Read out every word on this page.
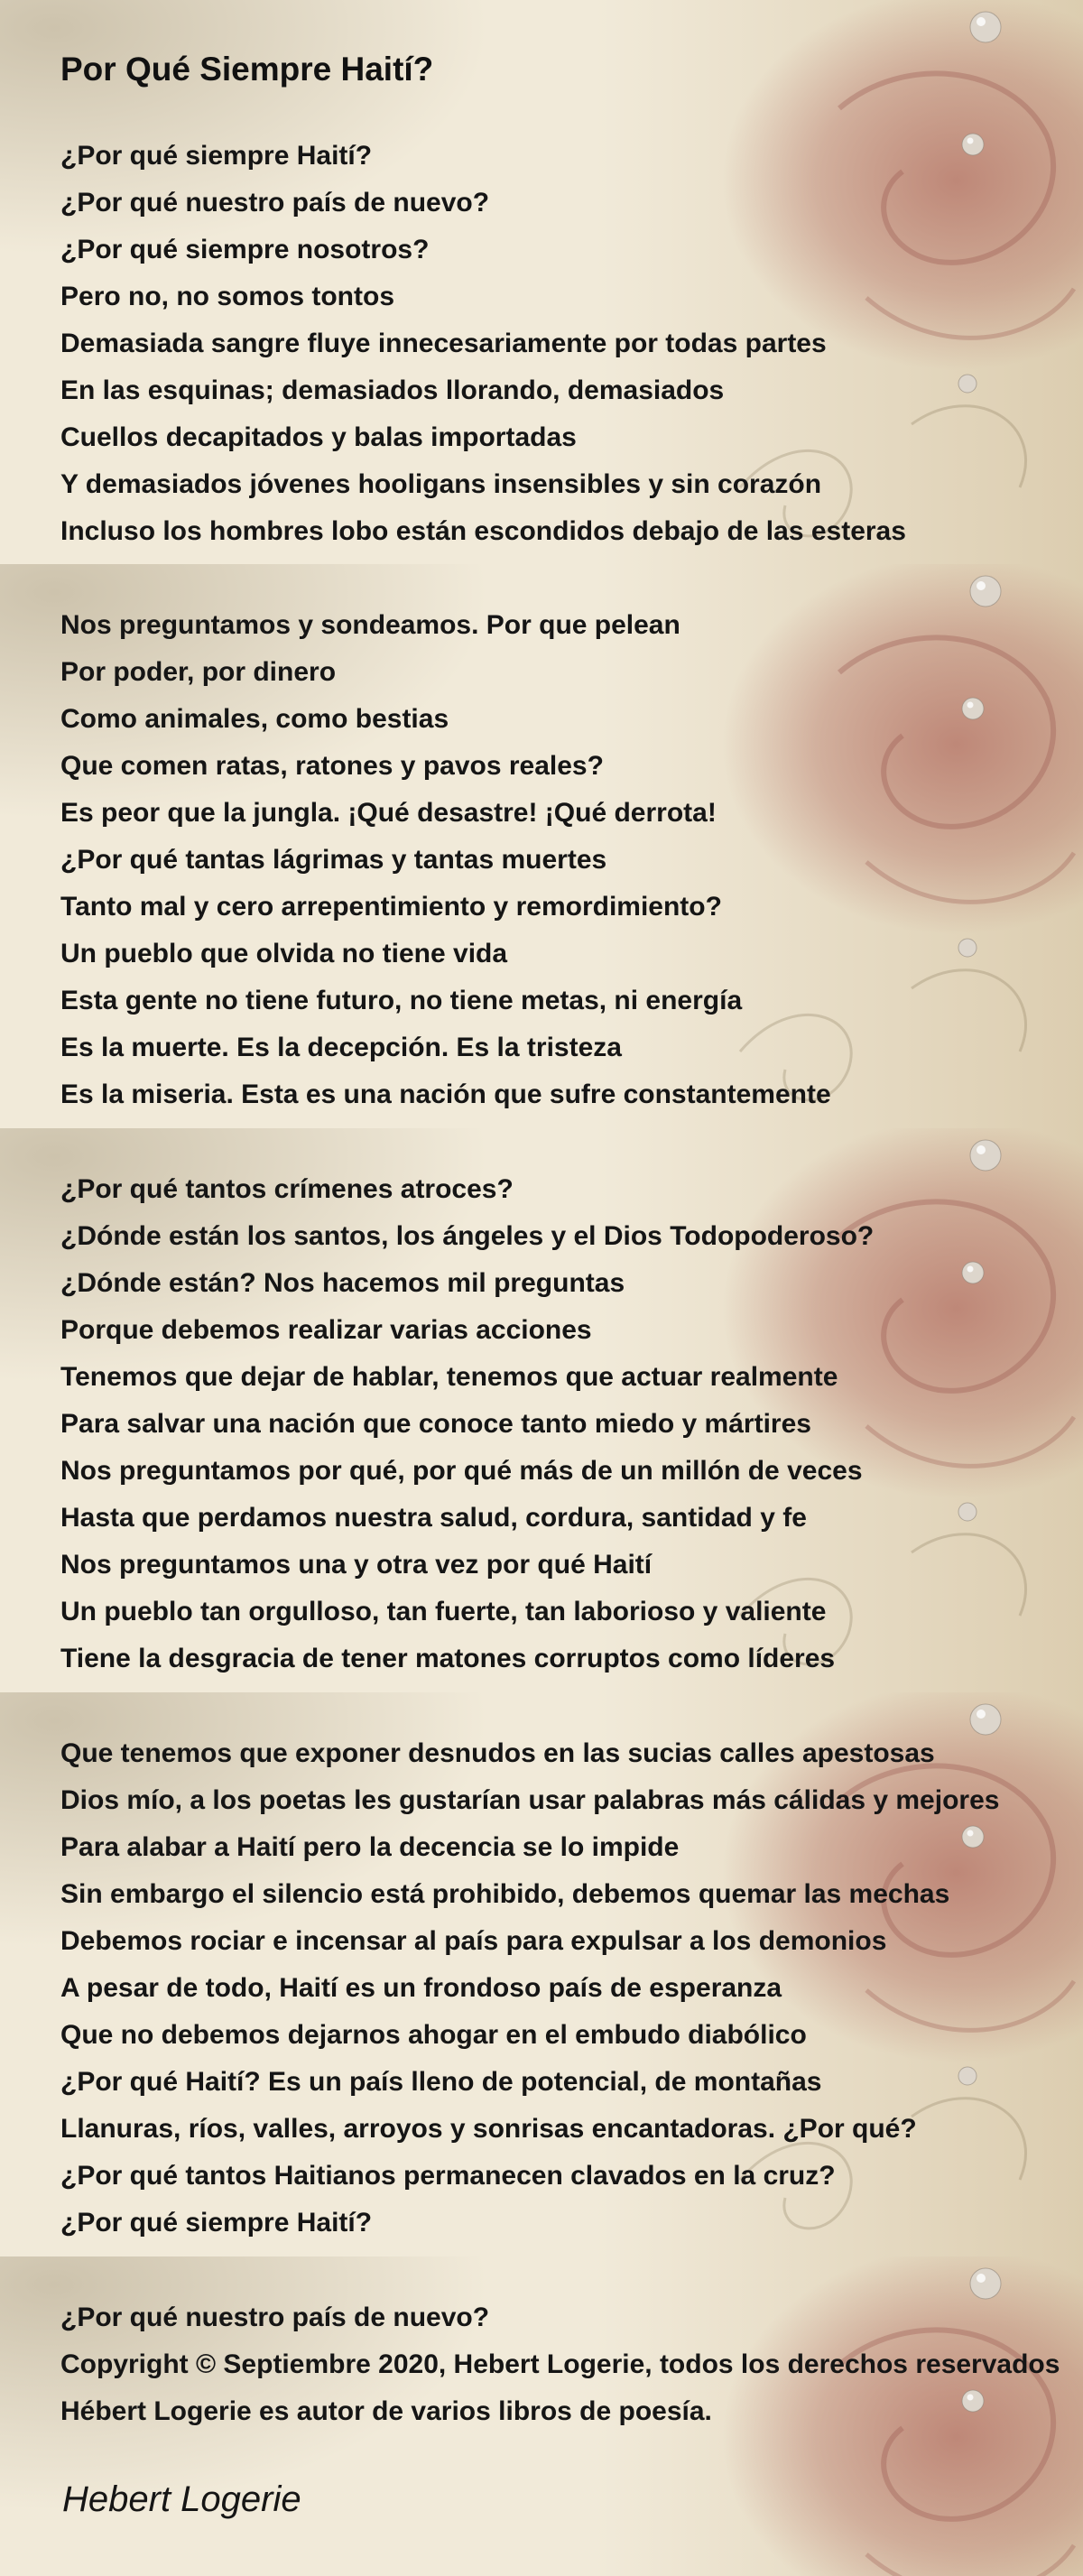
Por Qué Siempre Haití?
¿Por qué siempre Haití?
¿Por qué nuestro país de nuevo?
¿Por qué siempre nosotros?
Pero no, no somos tontos
Demasiada sangre fluye innecesariamente por todas partes
En las esquinas; demasiados llorando, demasiados
Cuellos decapitados y balas importadas
Y demasiados jóvenes hooligans insensibles y sin corazón
Incluso los hombres lobo están escondidos debajo de las esteras
Nos preguntamos y sondeamos. Por que pelean
Por poder, por dinero
Como animales, como bestias
Que comen ratas, ratones y pavos reales?
Es peor que la jungla. ¡Qué desastre! ¡Qué derrota!
¿Por qué tantas lágrimas y tantas muertes
Tanto mal y cero arrepentimiento y remordimiento?
Un pueblo que olvida no tiene vida
Esta gente no tiene futuro, no tiene metas, ni energía
Es la muerte. Es la decepción. Es la tristeza
Es la miseria. Esta es una nación que sufre constantemente
¿Por qué tantos crímenes atroces?
¿Dónde están los santos, los ángeles y el Dios Todopoderoso?
¿Dónde están? Nos hacemos mil preguntas
Porque debemos realizar varias acciones
Tenemos que dejar de hablar, tenemos que actuar realmente
Para salvar una nación que conoce tanto miedo y mártires
Nos preguntamos por qué, por qué más de un millón de veces
Hasta que perdamos nuestra salud, cordura, santidad y fe
Nos preguntamos una y otra vez por qué Haití
Un pueblo tan orgulloso, tan fuerte, tan laborioso y valiente
Tiene la desgracia de tener matones corruptos como líderes
Que tenemos que exponer desnudos en las sucias calles apestosas
Dios mío, a los poetas les gustarían usar palabras más cálidas y mejores
Para alabar a Haití pero la decencia se lo impide
Sin embargo el silencio está prohibido, debemos quemar las mechas
Debemos rociar e incensar al país para expulsar a los demonios
A pesar de todo, Haití es un frondoso país de esperanza
Que no debemos dejarnos ahogar en el embudo diabólico
¿Por qué Haití? Es un país lleno de potencial, de montañas
Llanuras, ríos, valles, arroyos y sonrisas encantadoras. ¿Por qué?
¿Por qué tantos Haitianos permanecen clavados en la cruz?
¿Por qué siempre Haití?
¿Por qué nuestro país de nuevo?
Copyright © Septiembre 2020, Hebert Logerie, todos los derechos reservados
Hébert Logerie es autor de varios libros de poesía.
Hebert Logerie
